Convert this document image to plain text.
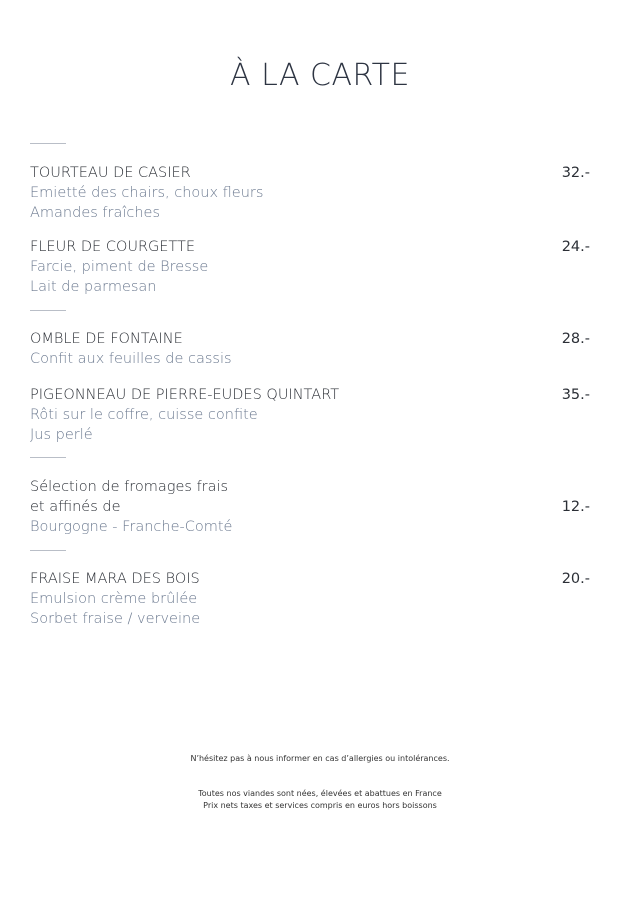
À LA CARTE
TOURTEAU DE CASIER
Emietté des chairs, choux fleurs
Amandes fraîches
32.-
FLEUR DE COURGETTE
Farcie, piment de Bresse
Lait de parmesan
24.-
OMBLE DE FONTAINE
Confit aux feuilles de cassis
28.-
PIGEONNEAU DE PIERRE-EUDES QUINTART
Rôti sur le coffre, cuisse confite
Jus perlé
35.-
Sélection de fromages frais
et affinés de
Bourgogne - Franche-Comté
12.-
FRAISE MARA DES BOIS
Emulsion crème brûlée
Sorbet fraise / verveine
20.-
N’hésitez pas à nous informer en cas d’allergies ou intolérances.
Toutes nos viandes sont nées, élevées et abattues en France
Prix nets taxes et services compris en euros hors boissons
